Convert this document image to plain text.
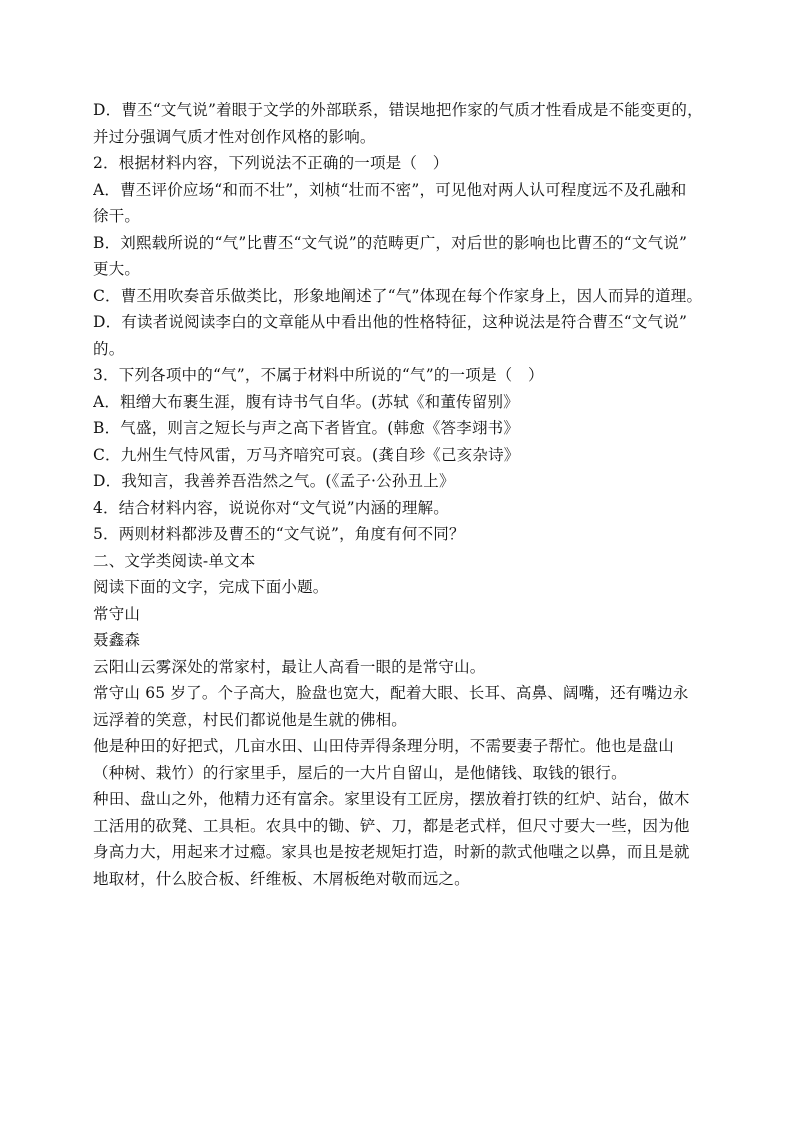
D．曹丕“文气说”着眼于文学的外部联系，错误地把作家的气质才性看成是不能变更的，
并过分强调气质才性对创作风格的影响。
2．根据材料内容，下列说法不正确的一项是（　）
A．曹丕评价应场“和而不壮”，刘桢“壮而不密”，可见他对两人认可程度远不及孔融和
徐干。
B．刘熙载所说的“气”比曹丕“文气说”的范畴更广，对后世的影响也比曹丕的“文气说”
更大。
C．曹丕用吹奏音乐做类比，形象地阐述了“气”体现在每个作家身上，因人而异的道理。
D．有读者说阅读李白的文章能从中看出他的性格特征，这种说法是符合曹丕“文气说”
的。
3．下列各项中的“气”，不属于材料中所说的“气”的一项是（　）
A．粗缯大布裹生涯，腹有诗书气自华。(苏轼《和董传留别》
B．气盛，则言之短长与声之高下者皆宜。(韩愈《答李翊书》
C．九州生气恃风雷，万马齐喑究可哀。(龚自珍《己亥杂诗》
D．我知言，我善养吾浩然之气。(《孟子·公孙丑上》
4．结合材料内容，说说你对“文气说”内涵的理解。
5．两则材料都涉及曹丕的“文气说”，角度有何不同？
二、文学类阅读-单文本
阅读下面的文字，完成下面小题。
常守山
聂鑫森
云阳山云雾深处的常家村，最让人高看一眼的是常守山。
常守山 65 岁了。个子高大，脸盘也宽大，配着大眼、长耳、高鼻、阔嘴，还有嘴边永
远浮着的笑意，村民们都说他是生就的佛相。
他是种田的好把式，几亩水田、山田侍弄得条理分明，不需要妻子帮忙。他也是盘山
（种树、栽竹）的行家里手，屋后的一大片自留山，是他储钱、取钱的银行。
种田、盘山之外，他精力还有富余。家里设有工匠房，摆放着打铁的红炉、站台，做木
工活用的砍凳、工具柜。农具中的锄、铲、刀，都是老式样，但尺寸要大一些，因为他
身高力大，用起来才过瘾。家具也是按老规矩打造，时新的款式他嗤之以鼻，而且是就
地取材，什么胶合板、纤维板、木屑板绝对敬而远之。
